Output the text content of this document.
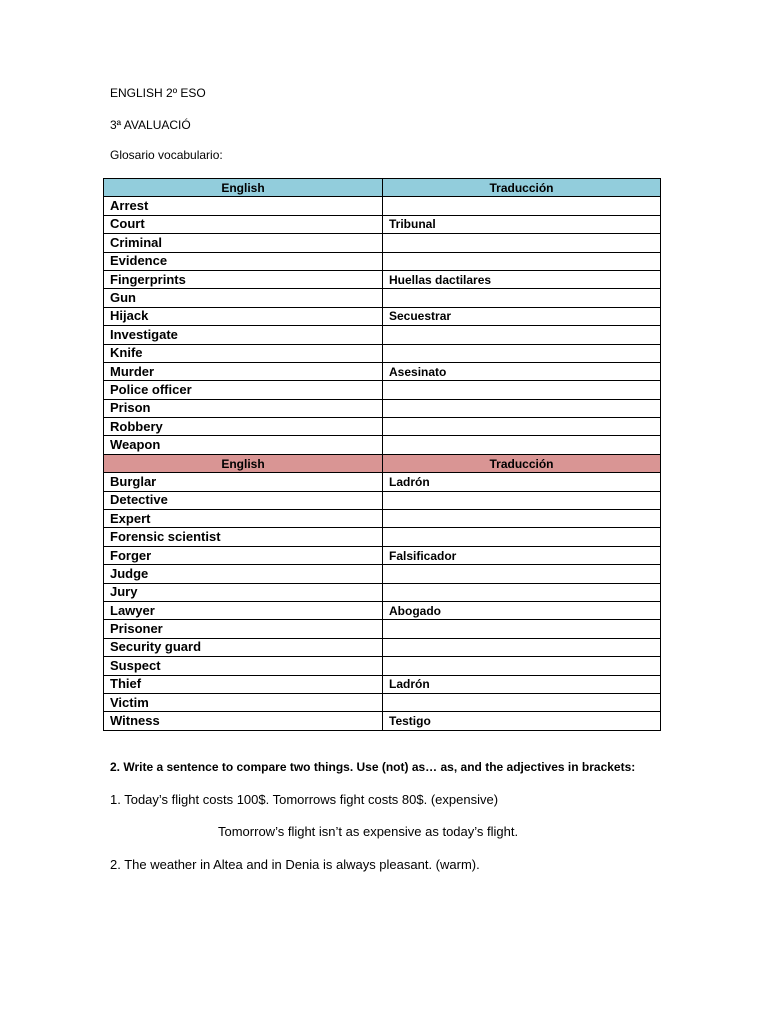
ENGLISH 2º ESO
3ª AVALUACIÓ
Glosario vocabulario:
English	Traducción
Arrest	
Court	Tribunal
Criminal	
Evidence	
Fingerprints	Huellas dactilares
Gun	
Hijack	Secuestrar
Investigate	
Knife	
Murder	Asesinato
Police officer	
Prison	
Robbery	
Weapon	
English	Traducción
Burglar	Ladrón
Detective	
Expert	
Forensic scientist	
Forger	Falsificador
Judge	
Jury	
Lawyer	Abogado
Prisoner	
Security guard	
Suspect	
Thief	Ladrón
Victim	
Witness	Testigo
2. Write a sentence to compare two things. Use (not) as… as, and the adjectives in brackets:
1. Today’s flight costs 100$. Tomorrows fight costs 80$. (expensive)
Tomorrow’s flight isn’t as expensive as today’s flight.
2. The weather in Altea and in Denia is always pleasant. (warm).
